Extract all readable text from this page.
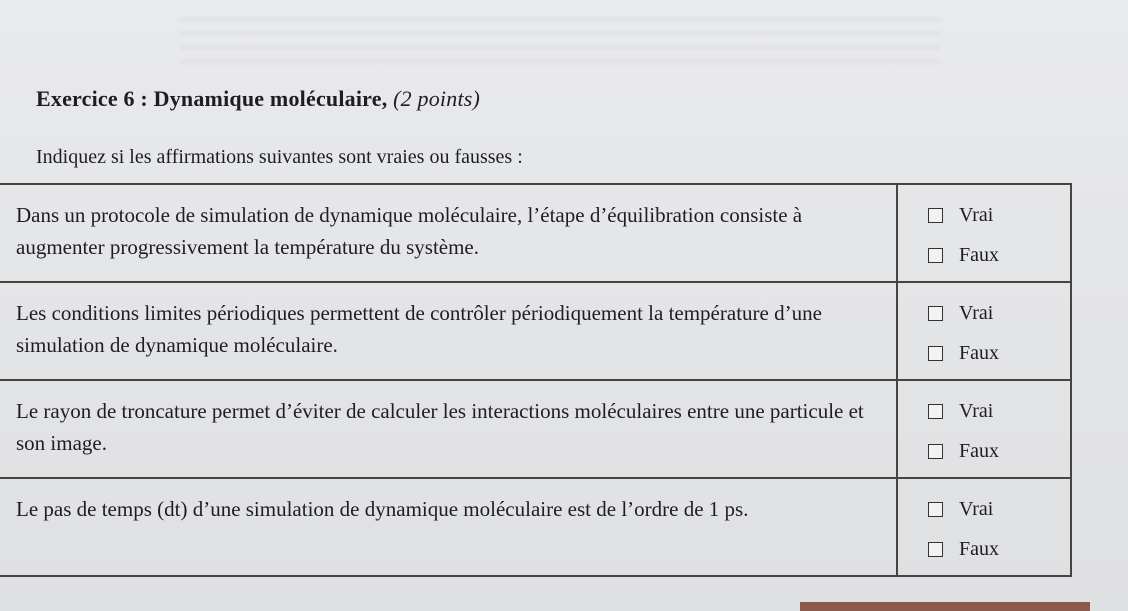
Exercice 6 : Dynamique moléculaire, (2 points)
Indiquez si les affirmations suivantes sont vraies ou fausses :
Dans un protocole de simulation de dynamique moléculaire, l’étape d’équilibration consiste à augmenter progressivement la température du système.	Vrai
Faux

Les conditions limites périodiques permettent de contrôler périodiquement la température d’une simulation de dynamique moléculaire.	Vrai
Faux

Le rayon de troncature permet d’éviter de calculer les interactions moléculaires entre une particule et son image.	Vrai
Faux

Le pas de temps (dt) d’une simulation de dynamique moléculaire est de l’ordre de 1 ps.	Vrai
Faux
